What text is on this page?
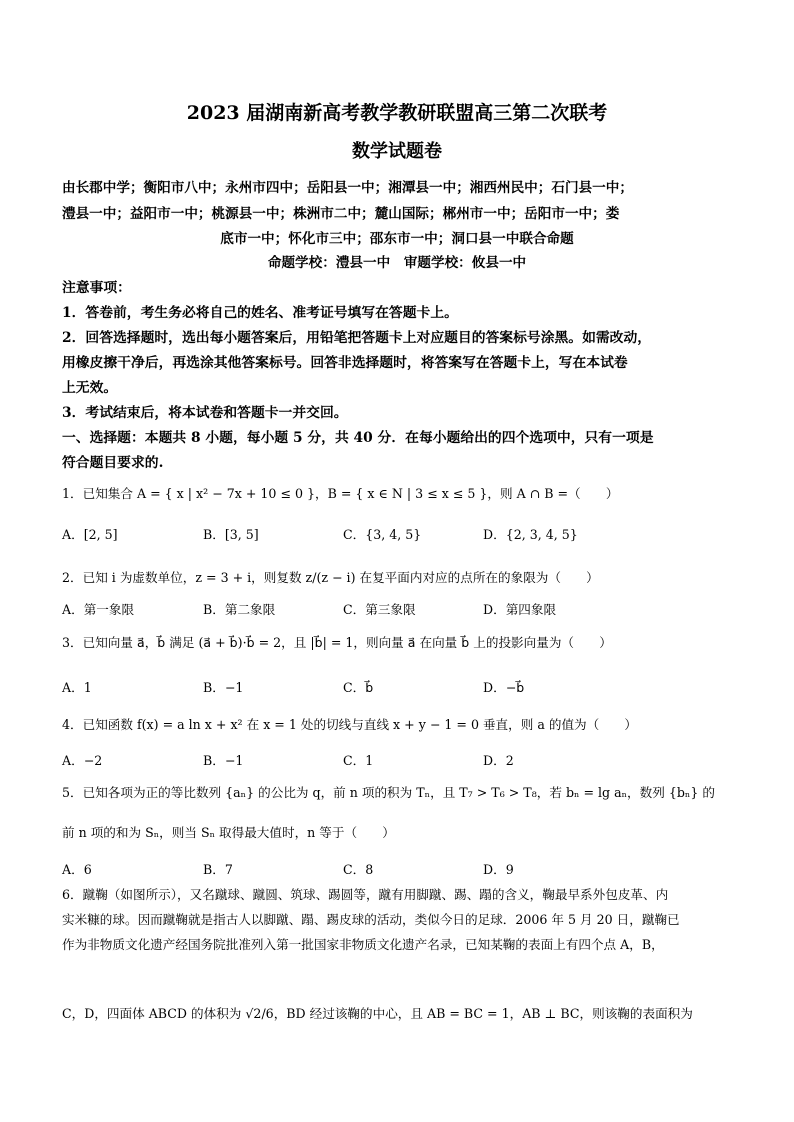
2023 届湖南新高考教学教研联盟高三第二次联考
数学试题卷
由长郡中学；衡阳市八中；永州市四中；岳阳县一中；湘潭县一中；湘西州民中；石门县一中；
澧县一中；益阳市一中；桃源县一中；株洲市二中；麓山国际；郴州市一中；岳阳市一中；娄
底市一中；怀化市三中；邵东市一中；洞口县一中联合命题
命题学校：澧县一中　审题学校：攸县一中
注意事项：
1．答卷前，考生务必将自己的姓名、准考证号填写在答题卡上。
2．回答选择题时，选出每小题答案后，用铅笔把答题卡上对应题目的答案标号涂黑。如需改动，
用橡皮擦干净后，再选涂其他答案标号。回答非选择题时，将答案写在答题卡上，写在本试卷
上无效。
3．考试结束后，将本试卷和答题卡一并交回。
一、选择题：本题共 8 小题，每小题 5 分，共 40 分．在每小题给出的四个选项中，只有一项是
符合题目要求的.
1．已知集合 A = { x | x² − 7x + 10 ≤ 0 }，B = { x ∈ N | 3 ≤ x ≤ 5 }，则 A ∩ B =（　　）
A．[2, 5]	B．[3, 5]	C．{3, 4, 5}	D．{2, 3, 4, 5}
2．已知 i 为虚数单位，z = 3 + i，则复数 z/(z − i) 在复平面内对应的点所在的象限为（　　）
A．第一象限	B．第二象限	C．第三象限	D．第四象限
3．已知向量 a⃗，b⃗ 满足 (a⃗ + b⃗)·b⃗ = 2，且 |b⃗| = 1，则向量 a⃗ 在向量 b⃗ 上的投影向量为（　　）
A．1	B．−1	C．b⃗	D．−b⃗
4．已知函数 f(x) = a ln x + x² 在 x = 1 处的切线与直线 x + y − 1 = 0 垂直，则 a 的值为（　　）
A．−2	B．−1	C．1	D．2
5．已知各项为正的等比数列 {aₙ} 的公比为 q，前 n 项的积为 Tₙ，且 T₇ > T₆ > T₈，若 bₙ = lg aₙ，数列 {bₙ} 的
前 n 项的和为 Sₙ，则当 Sₙ 取得最大值时，n 等于（　　）
A．6	B．7	C．8	D．9
6．蹴鞠（如图所示），又名蹴球、蹴圆、筑球、踢圆等，蹴有用脚蹴、踢、蹋的含义，鞠最早系外包皮革、内
实米糠的球。因而蹴鞠就是指古人以脚蹴、蹋、踢皮球的活动，类似今日的足球．2006 年 5 月 20 日，蹴鞠已
作为非物质文化遗产经国务院批准列入第一批国家非物质文化遗产名录，已知某鞠的表面上有四个点 A，B，
C，D，四面体 ABCD 的体积为 √2/6，BD 经过该鞠的中心，且 AB = BC = 1，AB ⊥ BC，则该鞠的表面积为
